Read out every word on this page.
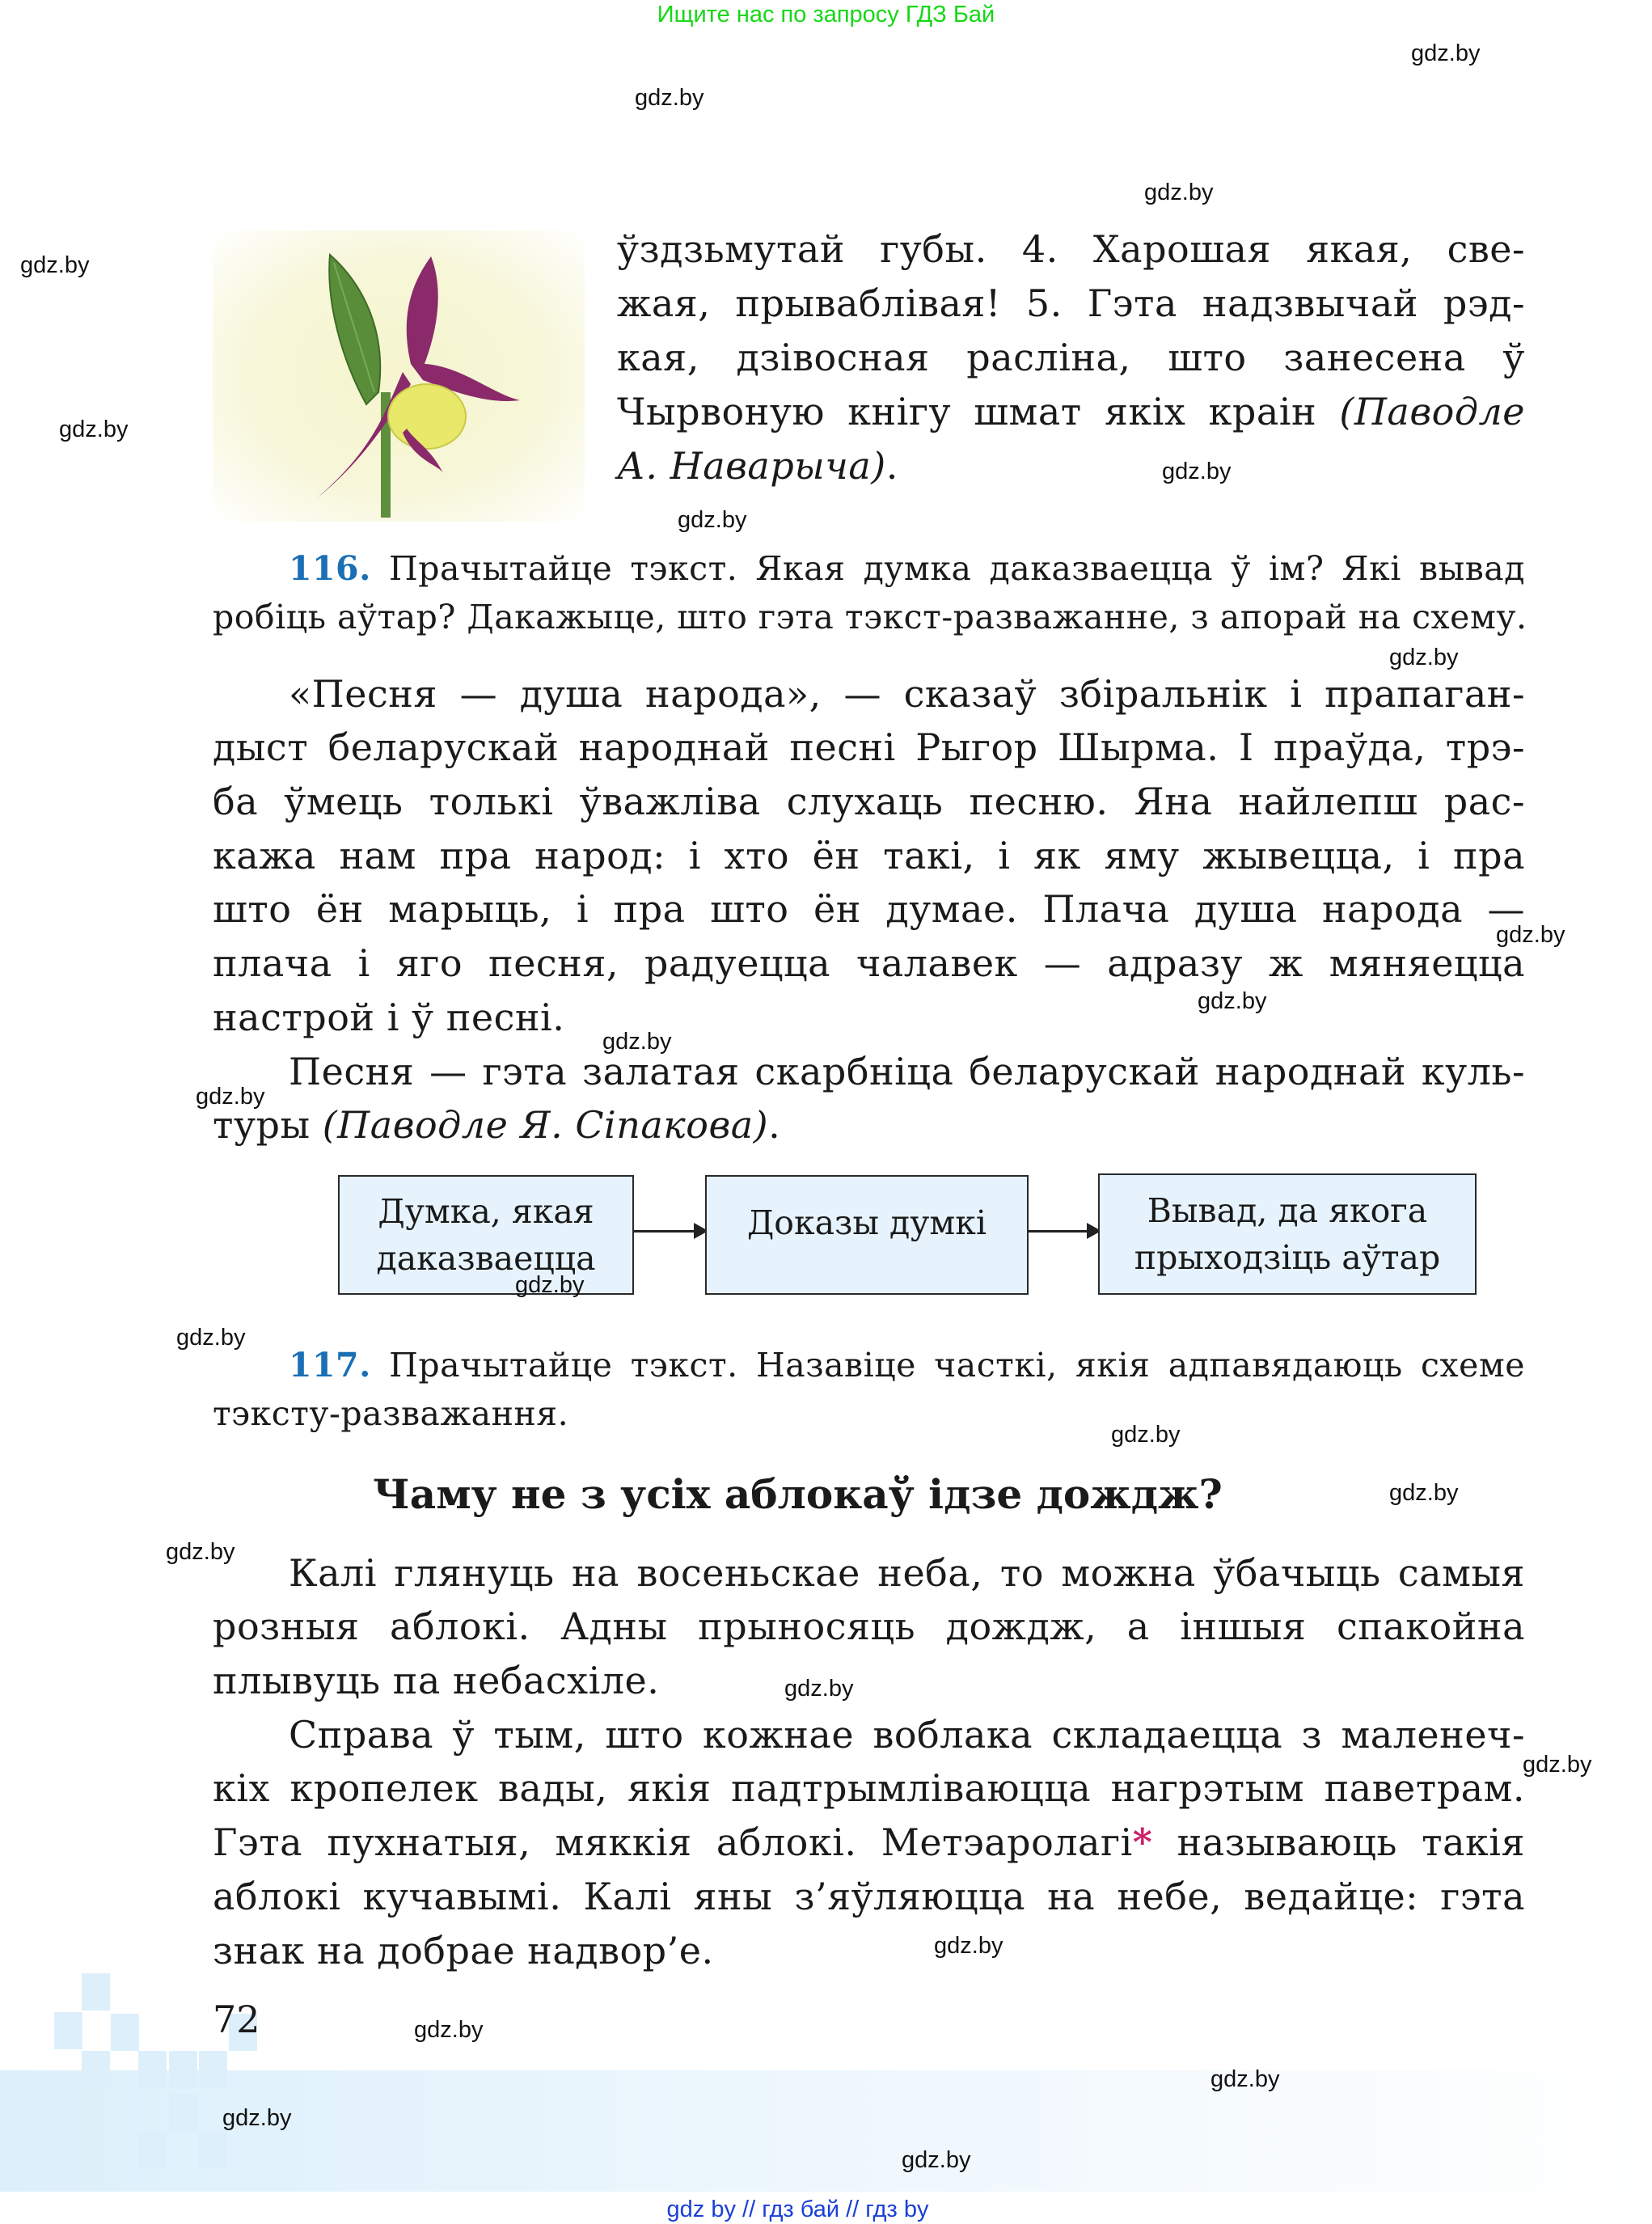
Ищите нас по запросу ГДЗ Бай
ўздзьмутай губы. 4. Харошая якая, све-
жая, прываблівая! 5. Гэта надзвычай рэд-
кая, дзівосная расліна, што занесена ў
Чырвоную кнігу шмат якіх краін (Паводле
А. Наварыча).
116. Прачытайце тэкст. Якая думка даказваецца ў ім? Які вывад
робіць аўтар? Дакажыце, што гэта тэкст-разважанне, з апорай на схему.
«Песня — душа народа», — сказаў збіральнік і прапаган-
дыст беларускай народнай песні Рыгор Шырма. І праўда, трэ-
ба ўмець толькі ўважліва слухаць песню. Яна найлепш рас-
кажа нам пра народ: і хто ён такі, і як яму жывецца, і пра
што ён марыць, і пра што ён думае. Плача душа народа —
плача і яго песня, радуецца чалавек — адразу ж мяняецца
настрой і ў песні.
Песня — гэта залатая скарбніца беларускай народнай куль-
туры (Паводле Я. Сіпакова).
Думка, якая
даказваецца
Доказы думкі	Вывад, да якога
прыходзіць аўтар
117. Прачытайце тэкст. Назавіце часткі, якія адпавядаюць схеме
тэксту-разважання.
Чаму не з усіх аблокаў ідзе дождж?
Калі глянуць на восеньскае неба, то можна ўбачыць самыя
розныя аблокі. Адны прыносяць дождж, а іншыя спакойна
плывуць па небасхіле.
Справа ў тым, што кожнае воблака складаецца з маленеч-
кіх кропелек вады, якія падтрымліваюцца нагрэтым паветрам.
Гэта пухнатыя, мяккія аблокі. Метэаролагі* называюць такія
аблокі кучавымі. Калі яны з’яўляюцца на небе, ведайце: гэта
знак на добрае надвор’е.
72
gdz by // гдз бай // гдз by
gdz.by
gdz.by
gdz.by
gdz.by
gdz.by
gdz.by
gdz.by
gdz.by
gdz.by
gdz.by
gdz.by
gdz.by
gdz.by
gdz.by
gdz.by
gdz.by
gdz.by
gdz.by
gdz.by
gdz.by
gdz.by
gdz.by
gdz.by
gdz.by
